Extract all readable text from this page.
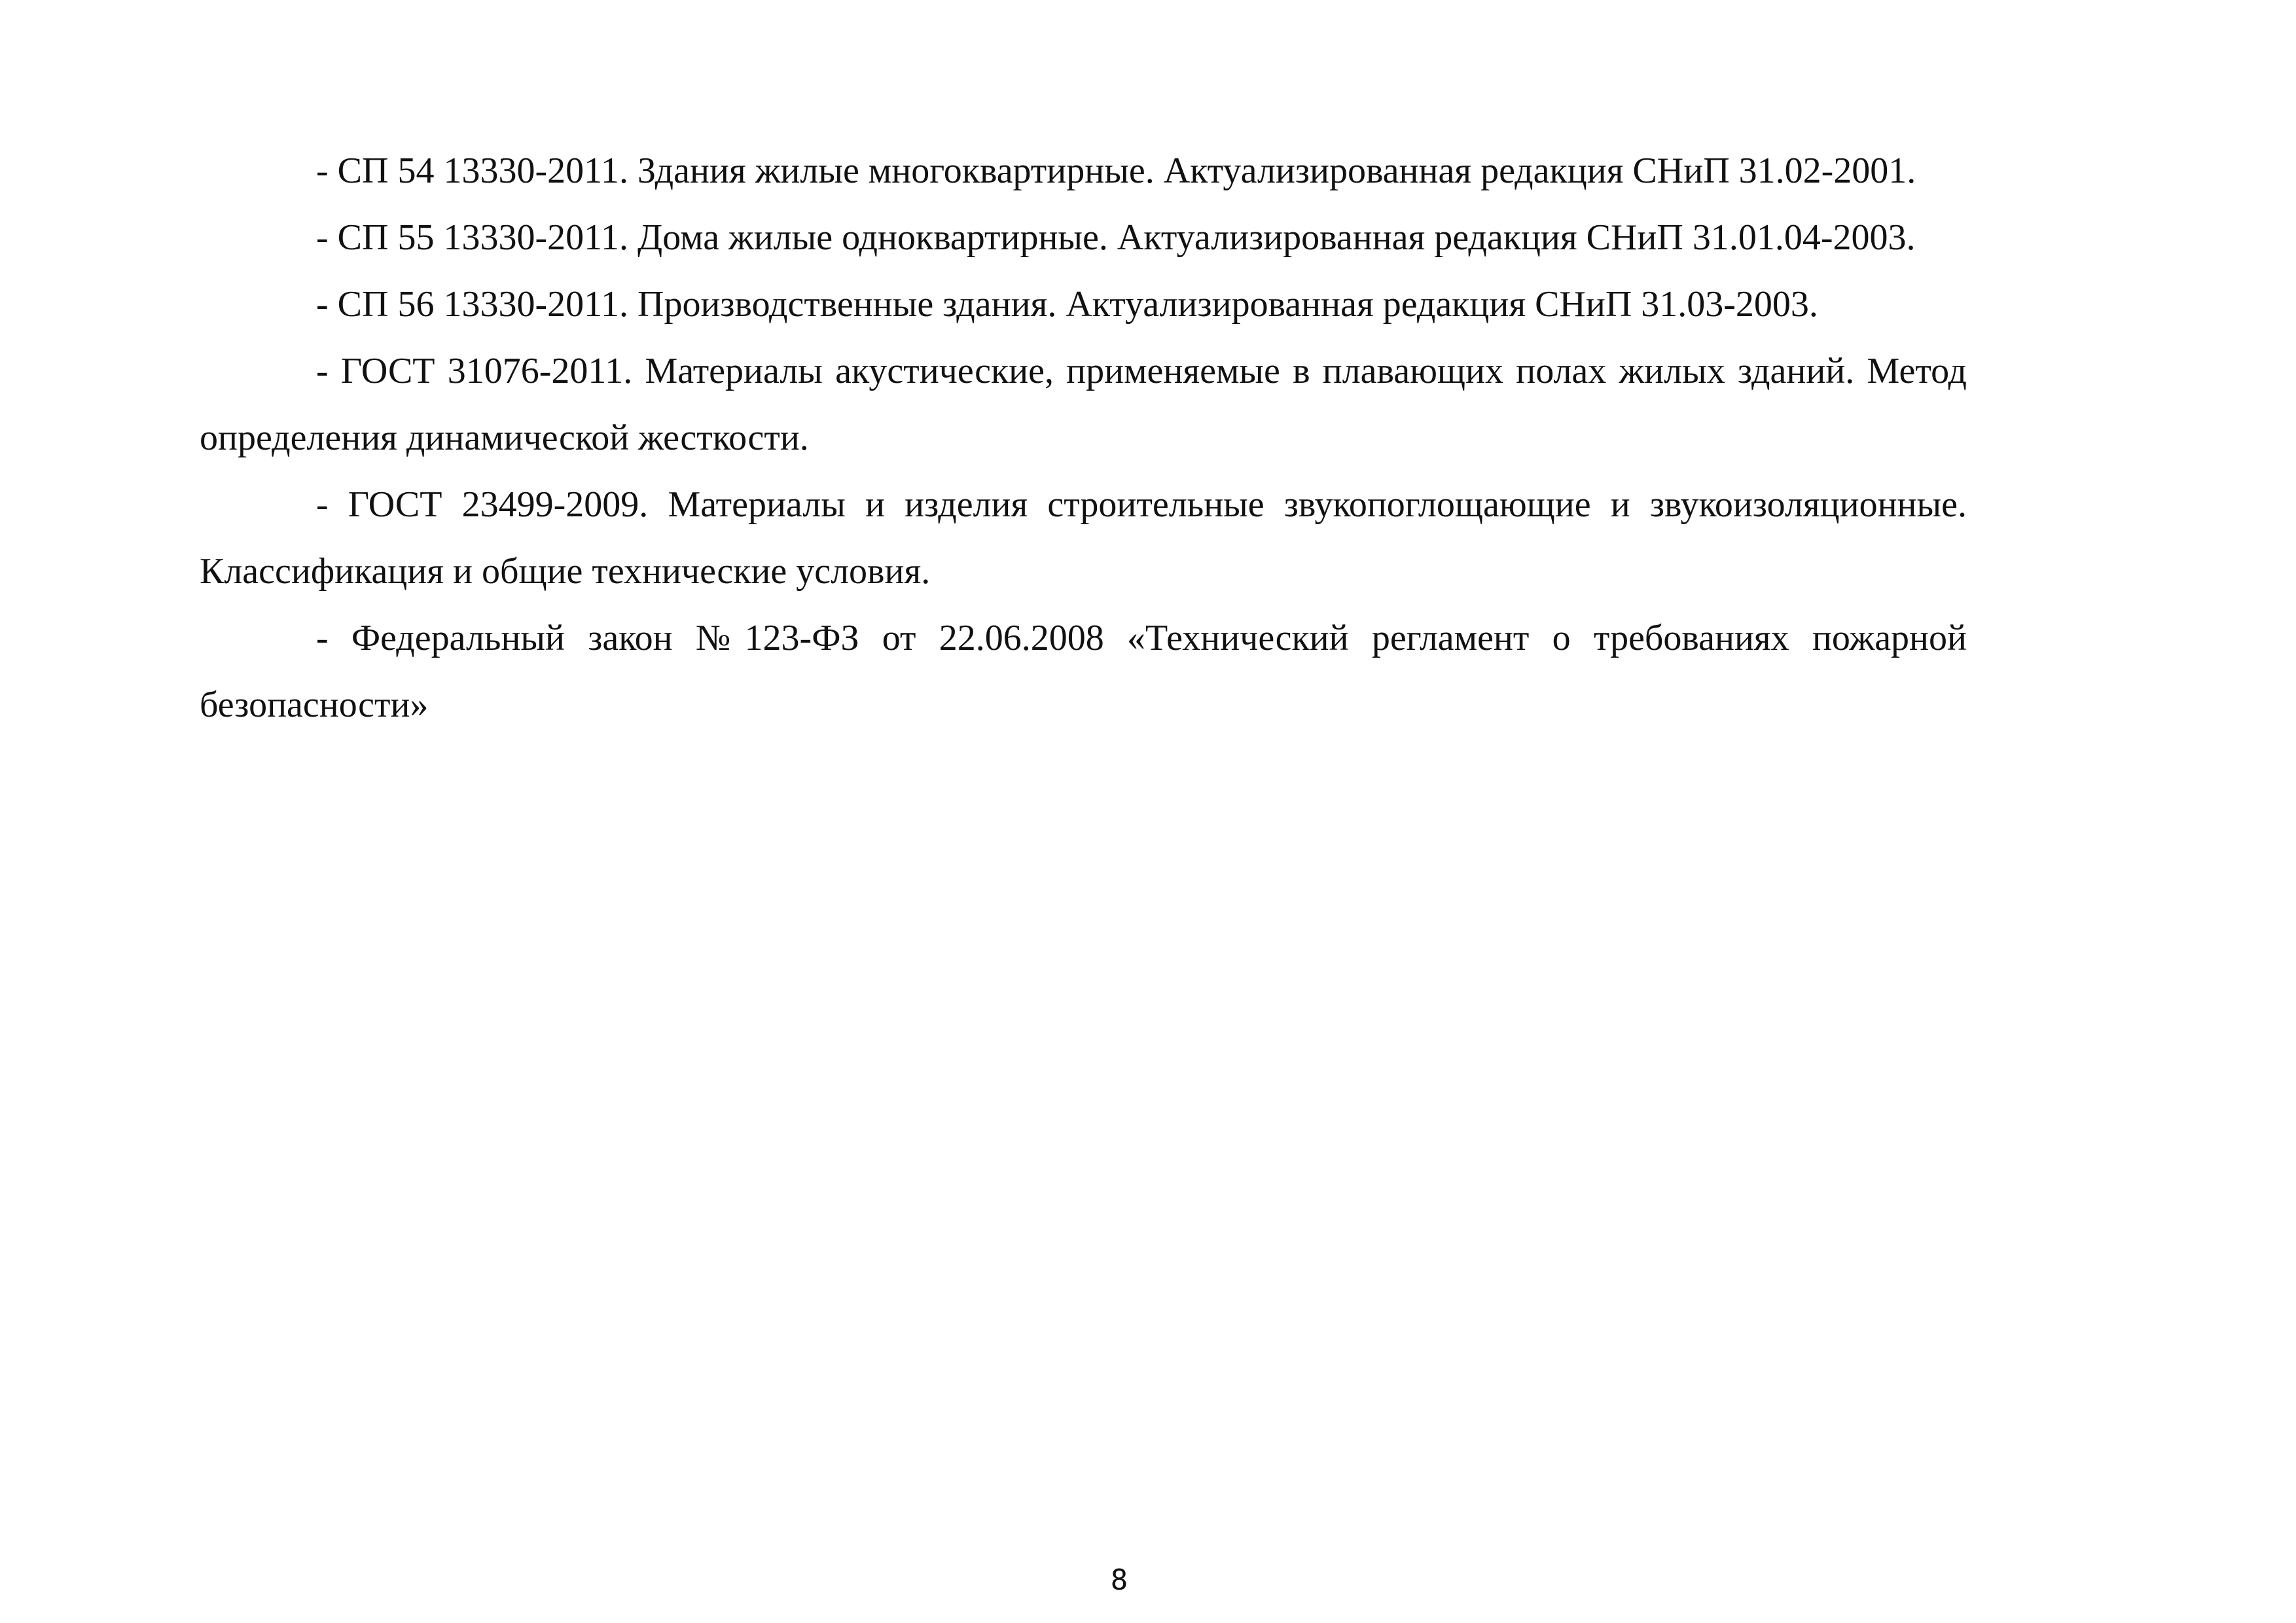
- СП 54 13330-2011. Здания жилые многоквартирные. Актуализированная редакция СНиП 31.02-2001.

- СП 55 13330-2011. Дома жилые одноквартирные. Актуализированная редакция СНиП 31.01.04-2003.

- СП 56 13330-2011. Производственные здания. Актуализированная редакция СНиП 31.03-2003.

- ГОСТ 31076-2011. Материалы акустические, применяемые в плавающих полах жилых зданий. Метод определения динамической жесткости.

- ГОСТ 23499-2009. Материалы и изделия строительные звукопоглощающие и звукоизоляционные. Классификация и общие технические условия.

- Федеральный закон №123-ФЗ от 22.06.2008 «Технический регламент о требованиях пожарной безопасности»

8
